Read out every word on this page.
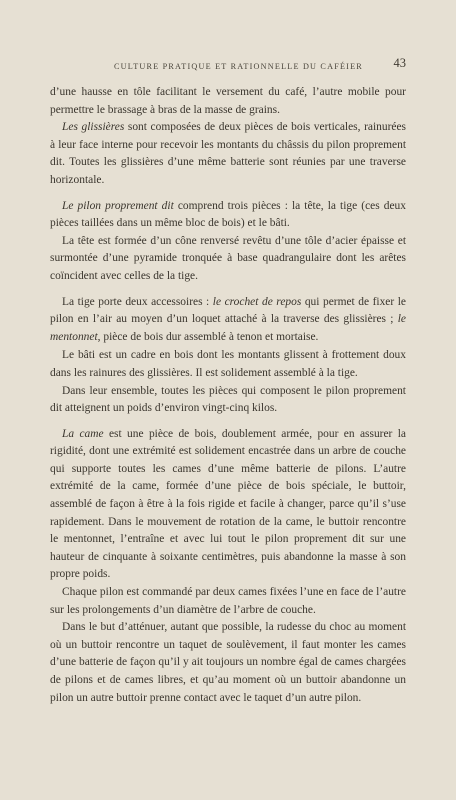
CULTURE PRATIQUE ET RATIONNELLE DU CAFÉIER 43

d’une hausse en tôle facilitant le versement du café, l’autre mobile pour permettre le brassage à bras de la masse de grains.

Les glissières sont composées de deux pièces de bois verticales, rainurées à leur face interne pour recevoir les montants du châssis du pilon proprement dit. Toutes les glissières d’une même batterie sont réunies par une traverse horizontale.

Le pilon proprement dit comprend trois pièces : la tête, la tige (ces deux pièces taillées dans un même bloc de bois) et le bâti.

La tête est formée d’un cône renversé revêtu d’une tôle d’acier épaisse et surmontée d’une pyramide tronquée à base quadrangulaire dont les arêtes coïncident avec celles de la tige.

La tige porte deux accessoires : le crochet de repos qui permet de fixer le pilon en l’air au moyen d’un loquet attaché à la traverse des glissières ; le mentonnet, pièce de bois dur assemblé à tenon et mortaise.

Le bâti est un cadre en bois dont les montants glissent à frottement doux dans les rainures des glissières. Il est solidement assemblé à la tige.

Dans leur ensemble, toutes les pièces qui composent le pilon proprement dit atteignent un poids d’environ vingt-cinq kilos.

La came est une pièce de bois, doublement armée, pour en assurer la rigidité, dont une extrémité est solidement encastrée dans un arbre de couche qui supporte toutes les cames d’une même batterie de pilons. L’autre extrémité de la came, formée d’une pièce de bois spéciale, le buttoir, assemblé de façon à être à la fois rigide et facile à changer, parce qu’il s’use rapidement. Dans le mouvement de rotation de la came, le buttoir rencontre le mentonnet, l’entraîne et avec lui tout le pilon proprement dit sur une hauteur de cinquante à soixante centimètres, puis abandonne la masse à son propre poids.

Chaque pilon est commandé par deux cames fixées l’une en face de l’autre sur les prolongements d’un diamètre de l’arbre de couche.

Dans le but d’atténuer, autant que possible, la rudesse du choc au moment où un buttoir rencontre un taquet de soulèvement, il faut monter les cames d’une batterie de façon qu’il y ait toujours un nombre égal de cames chargées de pilons et de cames libres, et qu’au moment où un buttoir abandonne un pilon un autre buttoir prenne contact avec le taquet d’un autre pilon.
